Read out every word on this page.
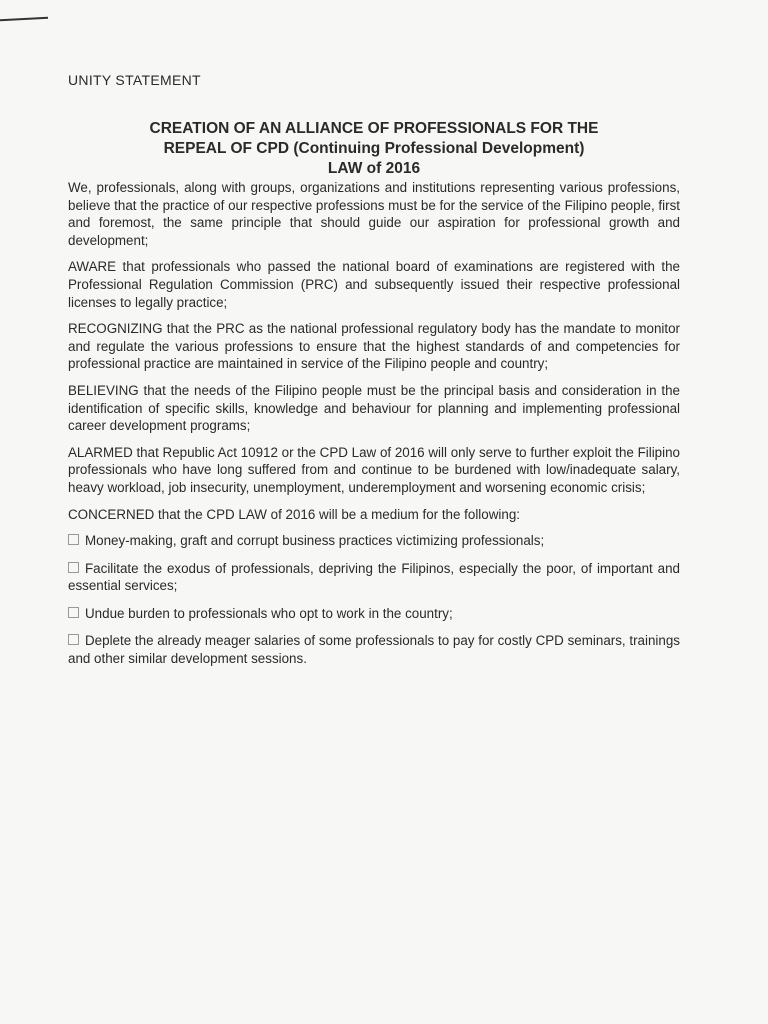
UNITY STATEMENT

CREATION OF AN ALLIANCE OF PROFESSIONALS FOR THE

REPEAL OF CPD (Continuing Professional Development)

LAW of 2016

We, professionals, along with groups, organizations and institutions representing various professions, believe that the practice of our respective professions must be for the service of the Filipino people, first and foremost, the same principle that should guide our aspiration for professional growth and development;

AWARE that professionals who passed the national board of examinations are registered with the Professional Regulation Commission (PRC) and subsequently issued their respective professional licenses to legally practice;

RECOGNIZING that the PRC as the national professional regulatory body has the mandate to monitor and regulate the various professions to ensure that the highest standards of and competencies for professional practice are maintained in service of the Filipino people and country;

BELIEVING that the needs of the Filipino people must be the principal basis and consideration in the identification of specific skills, knowledge and behaviour for planning and implementing professional career development programs;

ALARMED that Republic Act 10912 or the CPD Law of 2016 will only serve to further exploit the Filipino professionals who have long suffered from and continue to be burdened with low/inadequate salary, heavy workload, job insecurity, unemployment, underemployment and worsening economic crisis;

CONCERNED that the CPD LAW of 2016 will be a medium for the following:

Money-making, graft and corrupt business practices victimizing professionals;

Facilitate the exodus of professionals, depriving the Filipinos, especially the poor, of important and essential services;

Undue burden to professionals who opt to work in the country;

Deplete the already meager salaries of some professionals to pay for costly CPD seminars, trainings and other similar development sessions.
